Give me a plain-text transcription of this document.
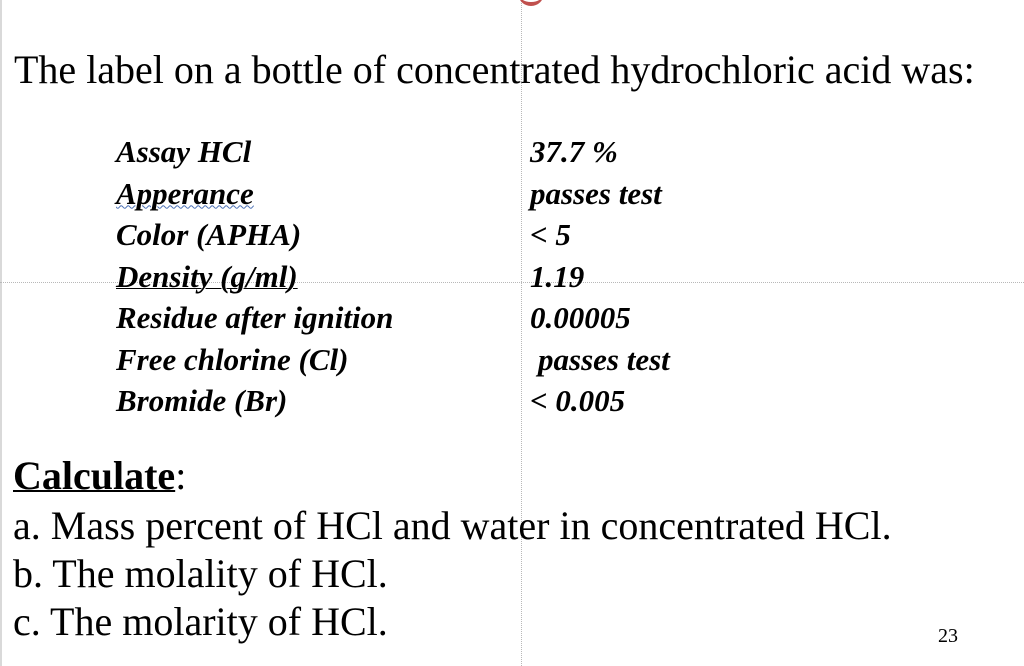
The label on a bottle of concentrated hydrochloric acid was:
Assay HCl	37.7 %
Apperance	passes test
Color (APHA)	< 5
Density (g/ml)	1.19
Residue after ignition	0.00005
Free chlorine (Cl)	passes test
Bromide (Br)	< 0.005
Calculate:
a. Mass percent of HCl and water in concentrated HCl.
b. The molality of HCl.
c. The molarity of HCl.	23
